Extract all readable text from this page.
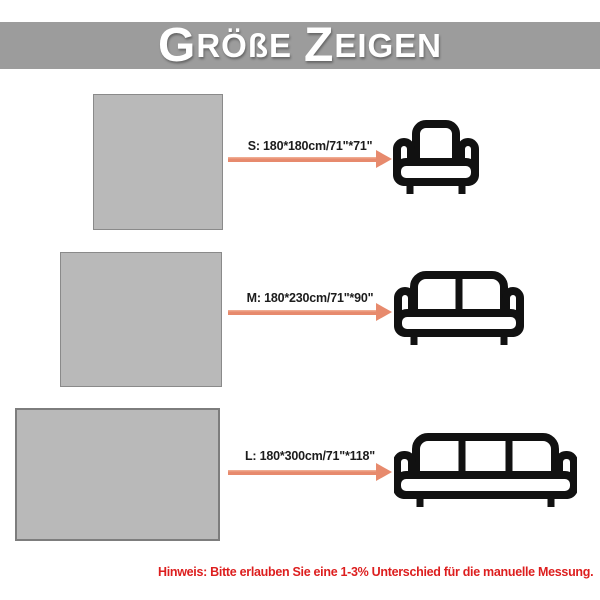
G RÖßE Z EIGEN
S: 180*180cm/71"*71"
M: 180*230cm/71"*90"
L: 180*300cm/71"*118"
Hinweis: Bitte erlauben Sie eine 1-3% Unterschied für die manuelle Messung.
